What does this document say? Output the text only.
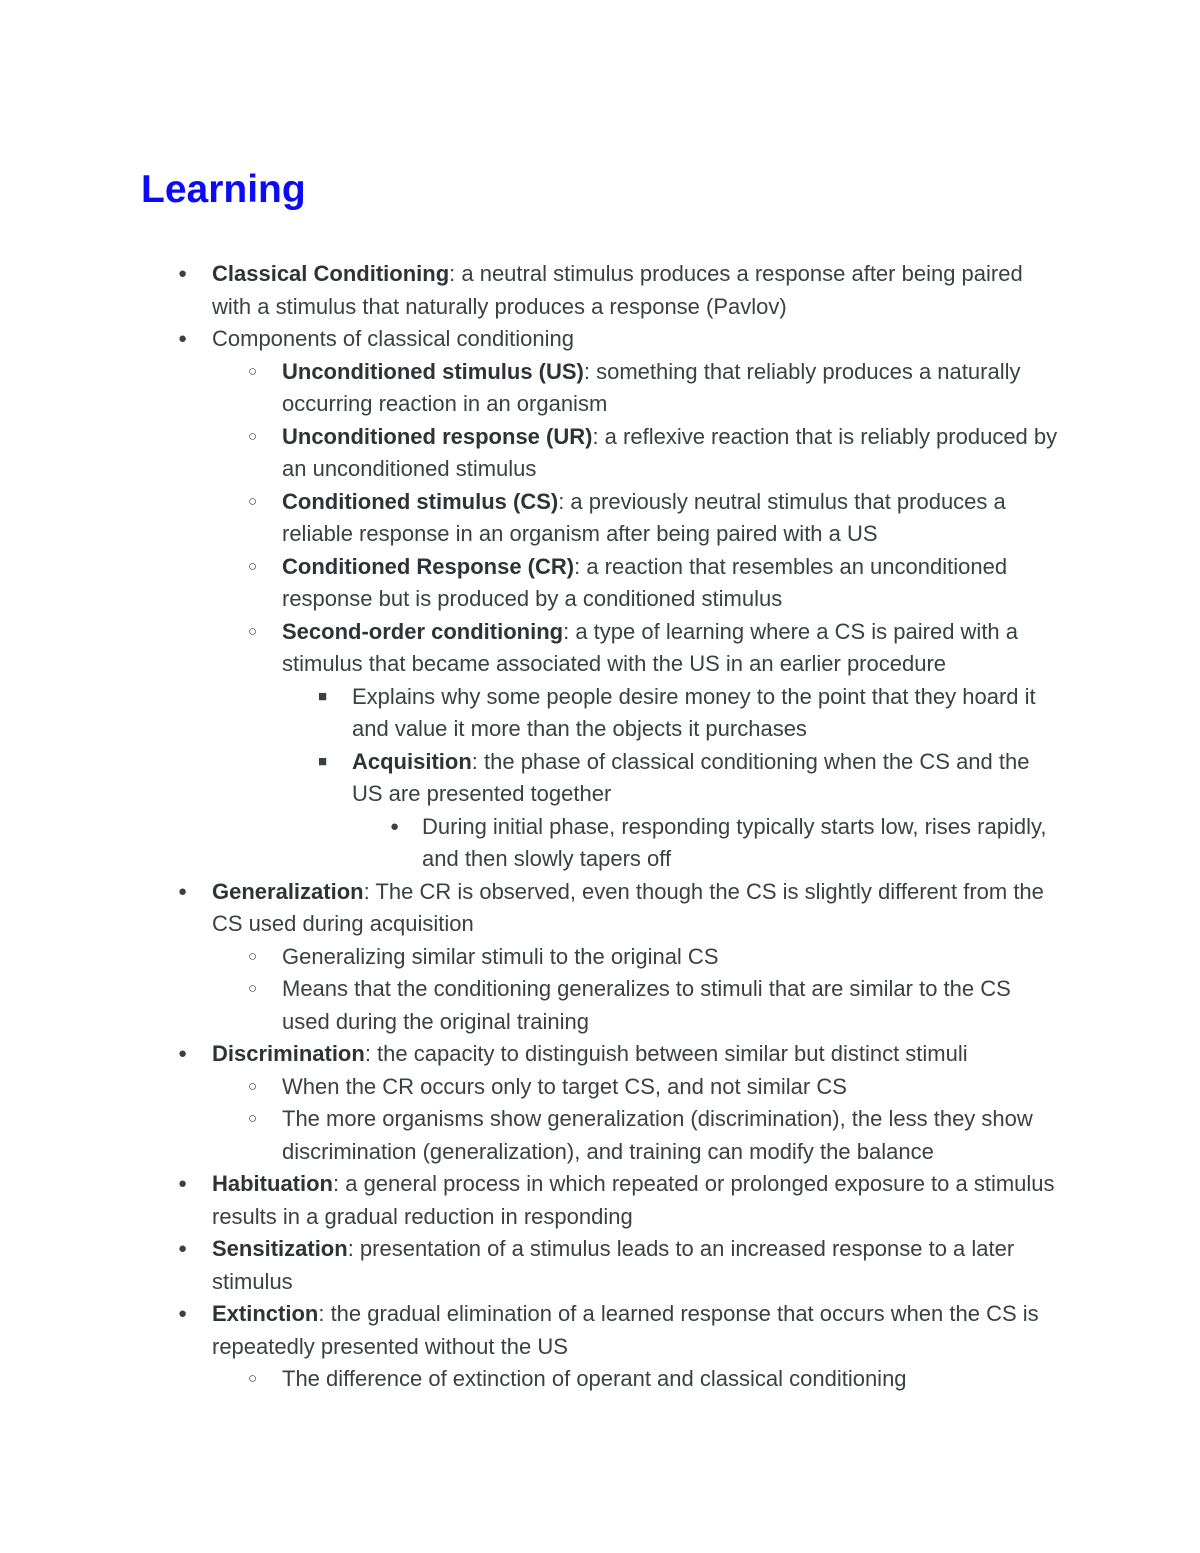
Learning
● Classical Conditioning: a neutral stimulus produces a response after being paired with a stimulus that naturally produces a response (Pavlov)
● Components of classical conditioning
○ Unconditioned stimulus (US): something that reliably produces a naturally occurring reaction in an organism
○ Unconditioned response (UR): a reflexive reaction that is reliably produced by an unconditioned stimulus
○ Conditioned stimulus (CS): a previously neutral stimulus that produces a reliable response in an organism after being paired with a US
○ Conditioned Response (CR): a reaction that resembles an unconditioned response but is produced by a conditioned stimulus
○ Second-order conditioning: a type of learning where a CS is paired with a stimulus that became associated with the US in an earlier procedure
■ Explains why some people desire money to the point that they hoard it and value it more than the objects it purchases
■ Acquisition: the phase of classical conditioning when the CS and the US are presented together
● During initial phase, responding typically starts low, rises rapidly, and then slowly tapers off
● Generalization: The CR is observed, even though the CS is slightly different from the CS used during acquisition
○ Generalizing similar stimuli to the original CS
○ Means that the conditioning generalizes to stimuli that are similar to the CS used during the original training
● Discrimination: the capacity to distinguish between similar but distinct stimuli
○ When the CR occurs only to target CS, and not similar CS
○ The more organisms show generalization (discrimination), the less they show discrimination (generalization), and training can modify the balance
● Habituation: a general process in which repeated or prolonged exposure to a stimulus results in a gradual reduction in responding
● Sensitization: presentation of a stimulus leads to an increased response to a later stimulus
● Extinction: the gradual elimination of a learned response that occurs when the CS is repeatedly presented without the US
○ The difference of extinction of operant and classical conditioning
